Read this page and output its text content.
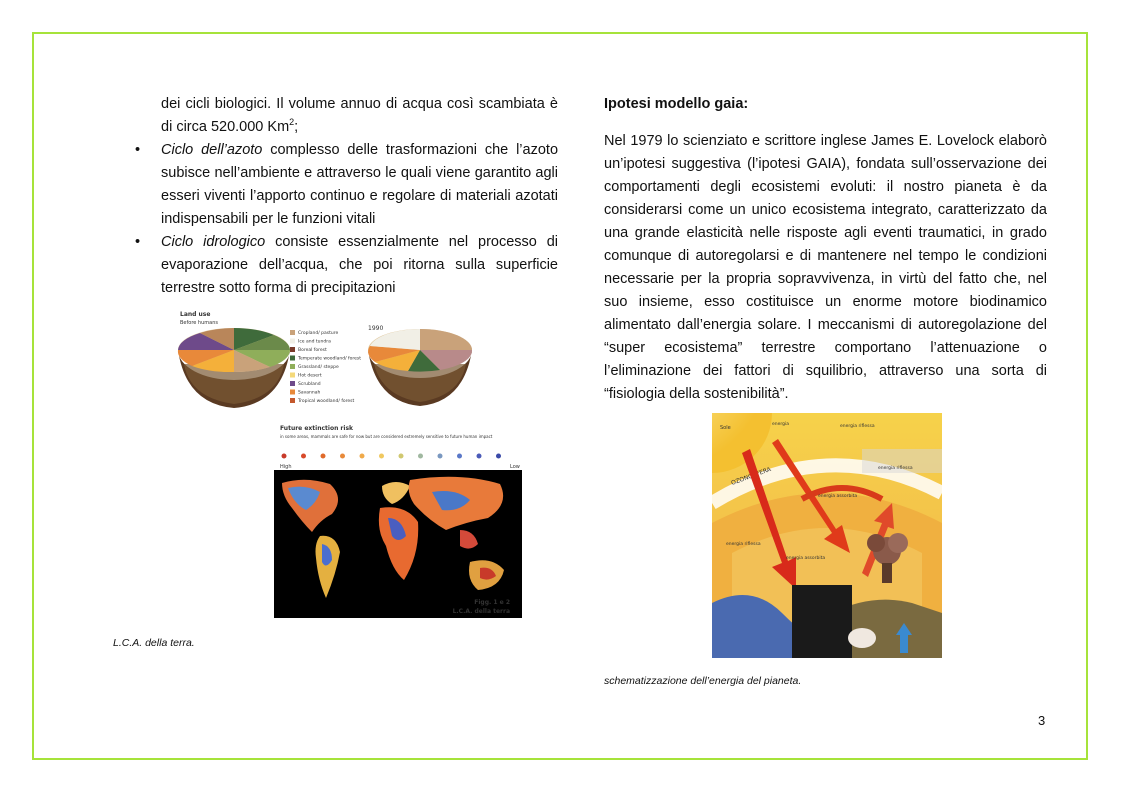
dei cicli biologici. Il volume annuo di acqua così scambiata è di circa 520.000 Km$^2$;

• Ciclo dell’azoto complesso delle trasformazioni che l’azoto subisce nell’ambiente e attraverso le quali viene garantito agli esseri viventi l’apporto continuo e regolare di materiali azotati indispensabili per le funzioni vitali
• Ciclo idrologico consiste essenzialmente nel processo di evaporazione dell’acqua, che poi ritorna sulla superficie terrestre sotto forma di precipitazioni
Land use
Before humans
1990
Cropland/ pasture
Ice and tundra
Boreal forest
Temperate woodland/ forest
Grassland/ steppe
Hot desert
Scrubland
Savannah
Tropical woodland/ forest
Future extinction risk
in some areas, mammals are safe for now but are considered extremely sensitive to future human impact
High	Low
Figg. 1 e 2
L.C.A. della terra
L.C.A. della terra.

Ipotesi modello gaia:

Nel 1979 lo scienziato e scrittore inglese James E. Lovelock elaborò un’ipotesi suggestiva (l’ipotesi GAIA), fondata sull’osservazione dei comportamenti degli ecosistemi evoluti: il nostro pianeta è da considerarsi come un unico ecosistema integrato, caratterizzato da una grande elasticità nelle risposte agli eventi traumatici, in grado comunque di autoregolarsi e di mantenere nel tempo le condizioni necessarie per la propria sopravvivenza, in virtù del fatto che, nel suo insieme, esso costituisce un enorme motore biodinamico alimentato dall’energia solare. I meccanismi di autoregolazione del “super ecosistema” terrestre comportano l’attenuazione o l’eliminazione dei fattori di squilibrio, attraverso una sorta di “fisiologia della sostenibilità”.

Sole
energia assorbita
energia	energia riflessa
energia riflessa
energia assorbita
energia riflessa
schematizzazione dell’energia del pianeta.
3
